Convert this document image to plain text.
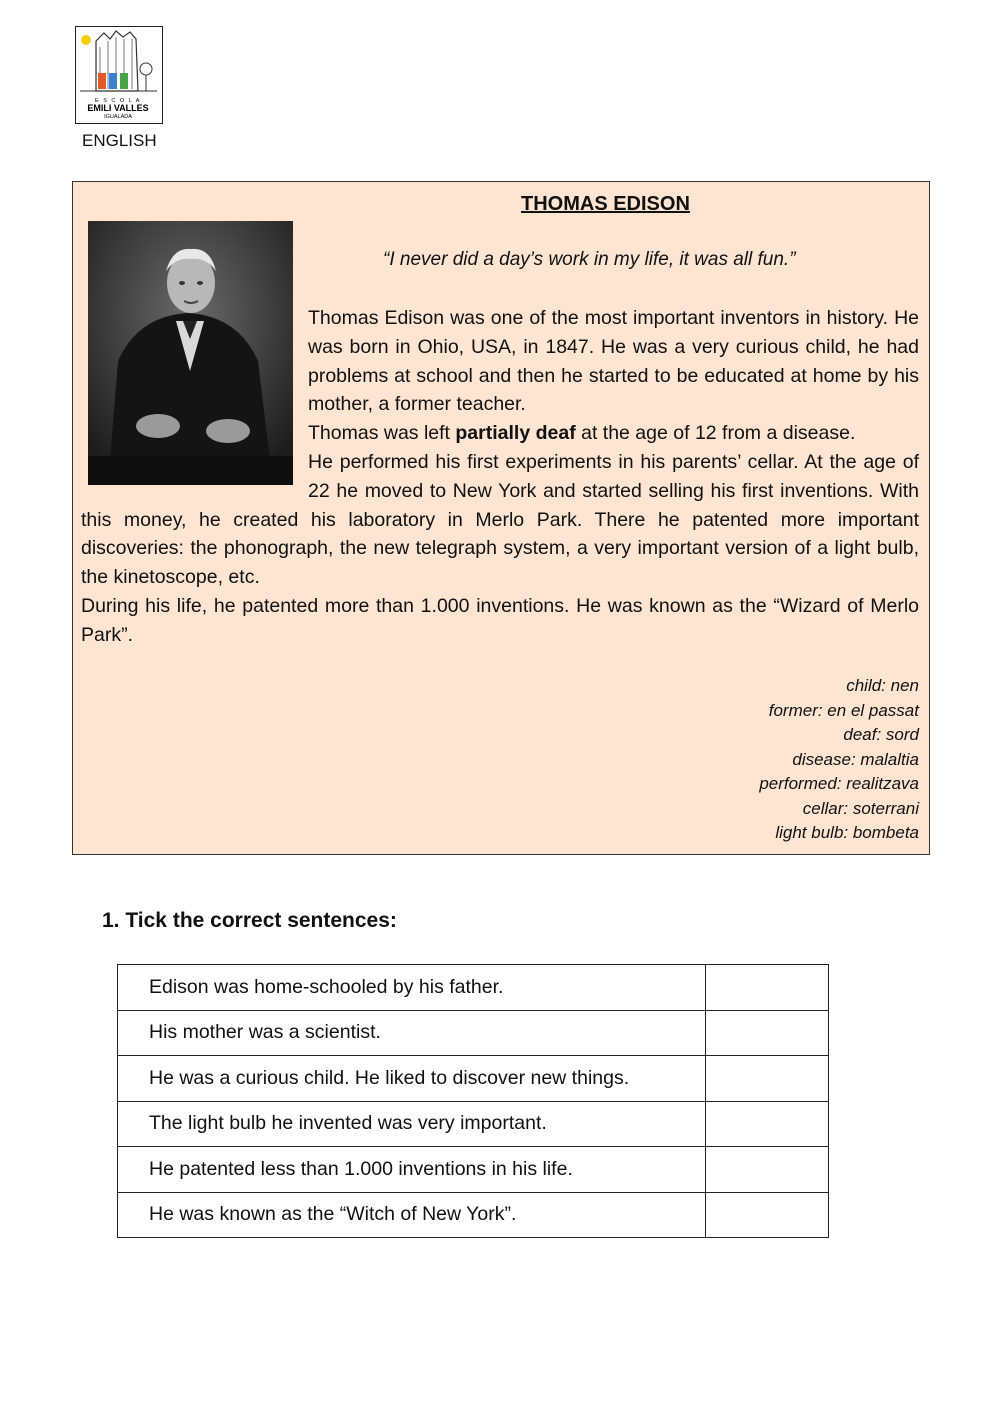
E S C O L A
EMILI VALLES
IGUALADA
ENGLISH
THOMAS EDISON
“I never did a day’s work in my life, it was all fun.”

Thomas Edison was one of the most important inventors in history. He was born in Ohio, USA, in 1847. He was a very curious child, he had problems at school and then he started to be educated at home by his mother, a former teacher.

Thomas was left partially deaf at the age of 12 from a disease.

He performed his first experiments in his parents’ cellar. At the age of 22 he moved to New York and started selling his first inventions. With this money, he created his laboratory in Merlo Park. There he patented more important discoveries: the phonograph, the new telegraph system, a very important version of a light bulb, the kinetoscope, etc.

During his life, he patented more than 1.000 inventions. He was known as the “Wizard of Merlo Park”.

child: nen
former: en el passat
deaf: sord
disease: malaltia
performed: realitzava
cellar: soterrani
light bulb: bombeta
1. Tick the correct sentences:
Edison was home-schooled by his father.	
His mother was a scientist.	
He was a curious child. He liked to discover new things.	
The light bulb he invented was very important.	
He patented less than 1.000 inventions in his life.	
He was known as the “Witch of New York”.	
